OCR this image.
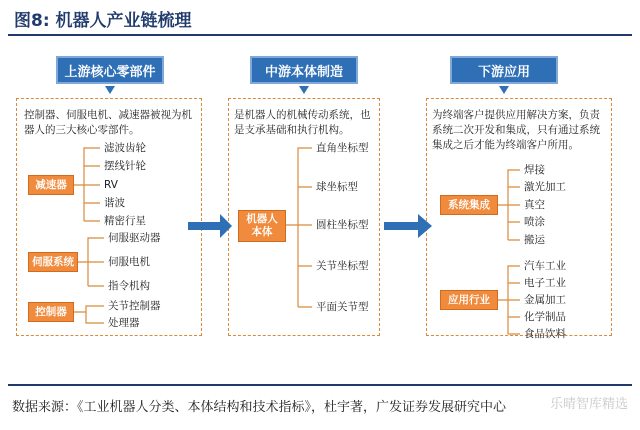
图8: 机器人产业链梳理
上游核心零部件	中游本体制造	下游应用
控制器、伺服电机、减速器被视为机器人的三大核心零部件。
减速器
滤波齿轮
摆线针轮
RV
谐波
精密行星
伺服系统
伺服驱动器
伺服电机
指令机构
控制器	关节控制器
处理器
是机器人的机械传动系统，也是支承基础和执行机构。
机器人本体
直角坐标型
球坐标型
圆柱坐标型
关节坐标型
平面关节型
为终端客户提供应用解决方案，负责系统二次开发和集成，只有通过系统集成之后才能为终端客户所用。
系统集成
焊接
激光加工
真空
喷涂
搬运
应用行业
汽车工业
电子工业
金属加工
化学制品
食品饮料
数据来源：《工业机器人分类、本体结构和技术指标》，杜宇著，广发证券发展研究中心	乐晴智库精选
